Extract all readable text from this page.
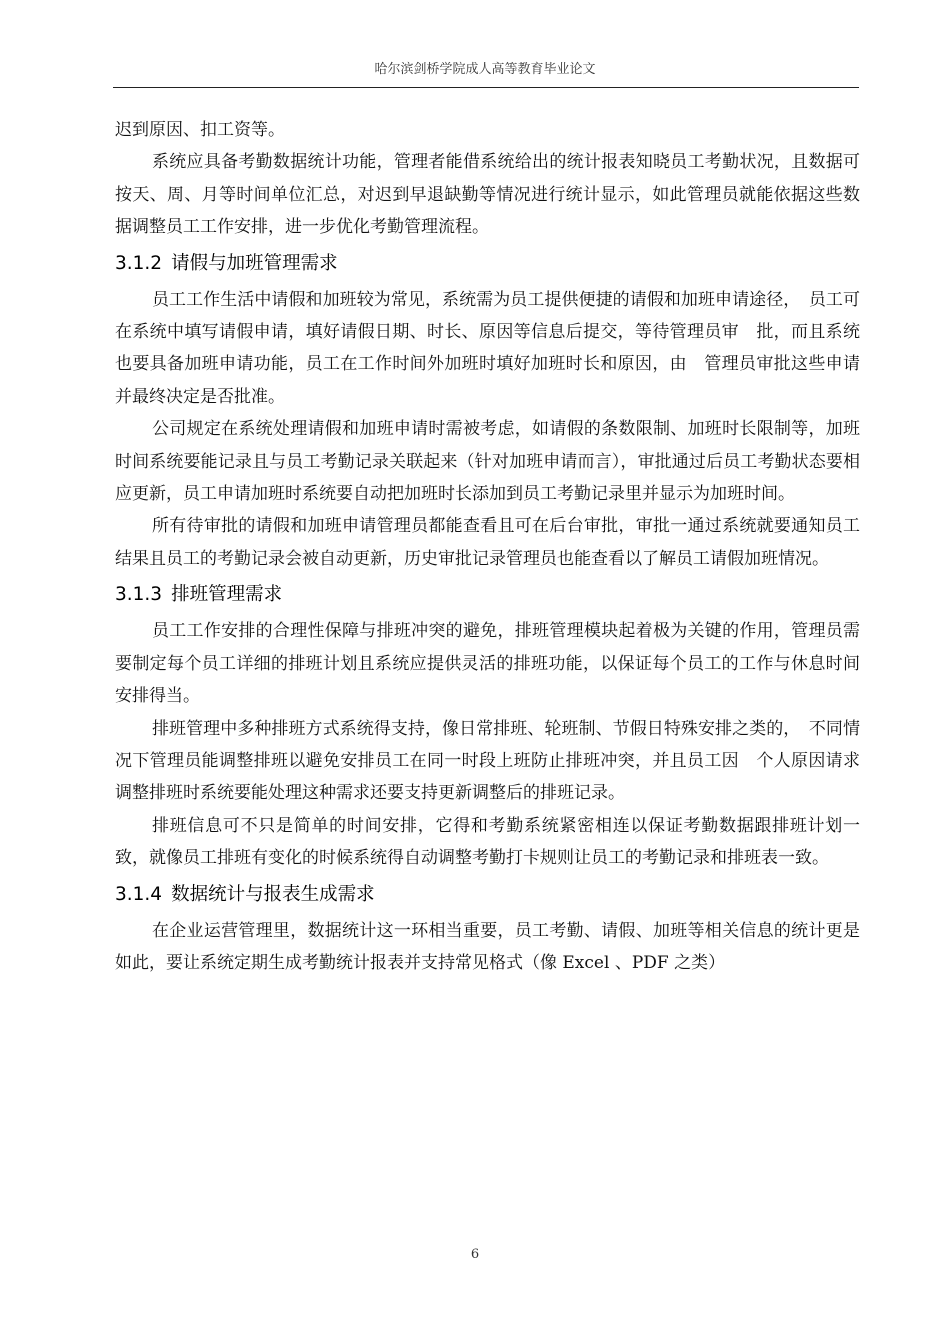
哈尔滨剑桥学院成人高等教育毕业论文

迟到原因、扣工资等。

系统应具备考勤数据统计功能，管理者能借系统给出的统计报表知晓员工考勤状况，且数据可按天、周、月等时间单位汇总，对迟到早退缺勤等情况进行统计显示，如此管理员就能依据这些数据调整员工工作安排，进一步优化考勤管理流程。

3.1.2 请假与加班管理需求

员工工作生活中请假和加班较为常见，系统需为员工提供便捷的请假和加班申请途径，　员工可在系统中填写请假申请，填好请假日期、时长、原因等信息后提交，等待管理员审　批，而且系统也要具备加班申请功能，员工在工作时间外加班时填好加班时长和原因，由　管理员审批这些申请并最终决定是否批准。

公司规定在系统处理请假和加班申请时需被考虑，如请假的条数限制、加班时长限制等，加班时间系统要能记录且与员工考勤记录关联起来（针对加班申请而言），审批通过后员工考勤状态要相应更新，员工申请加班时系统要自动把加班时长添加到员工考勤记录里并显示为加班时间。

所有待审批的请假和加班申请管理员都能查看且可在后台审批，审批一通过系统就要通知员工结果且员工的考勤记录会被自动更新，历史审批记录管理员也能查看以了解员工请假加班情况。

3.1.3 排班管理需求

员工工作安排的合理性保障与排班冲突的避免，排班管理模块起着极为关键的作用，管理员需要制定每个员工详细的排班计划且系统应提供灵活的排班功能，以保证每个员工的工作与休息时间安排得当。

排班管理中多种排班方式系统得支持，像日常排班、轮班制、节假日特殊安排之类的，　不同情况下管理员能调整排班以避免安排员工在同一时段上班防止排班冲突，并且员工因　个人原因请求调整排班时系统要能处理这种需求还要支持更新调整后的排班记录。

排班信息可不只是简单的时间安排，它得和考勤系统紧密相连以保证考勤数据跟排班计划一致，就像员工排班有变化的时候系统得自动调整考勤打卡规则让员工的考勤记录和排班表一致。

3.1.4 数据统计与报表生成需求

在企业运营管理里，数据统计这一环相当重要，员工考勤、请假、加班等相关信息的统计更是如此，要让系统定期生成考勤统计报表并支持常见格式（像 Excel 、PDF 之类）

6
